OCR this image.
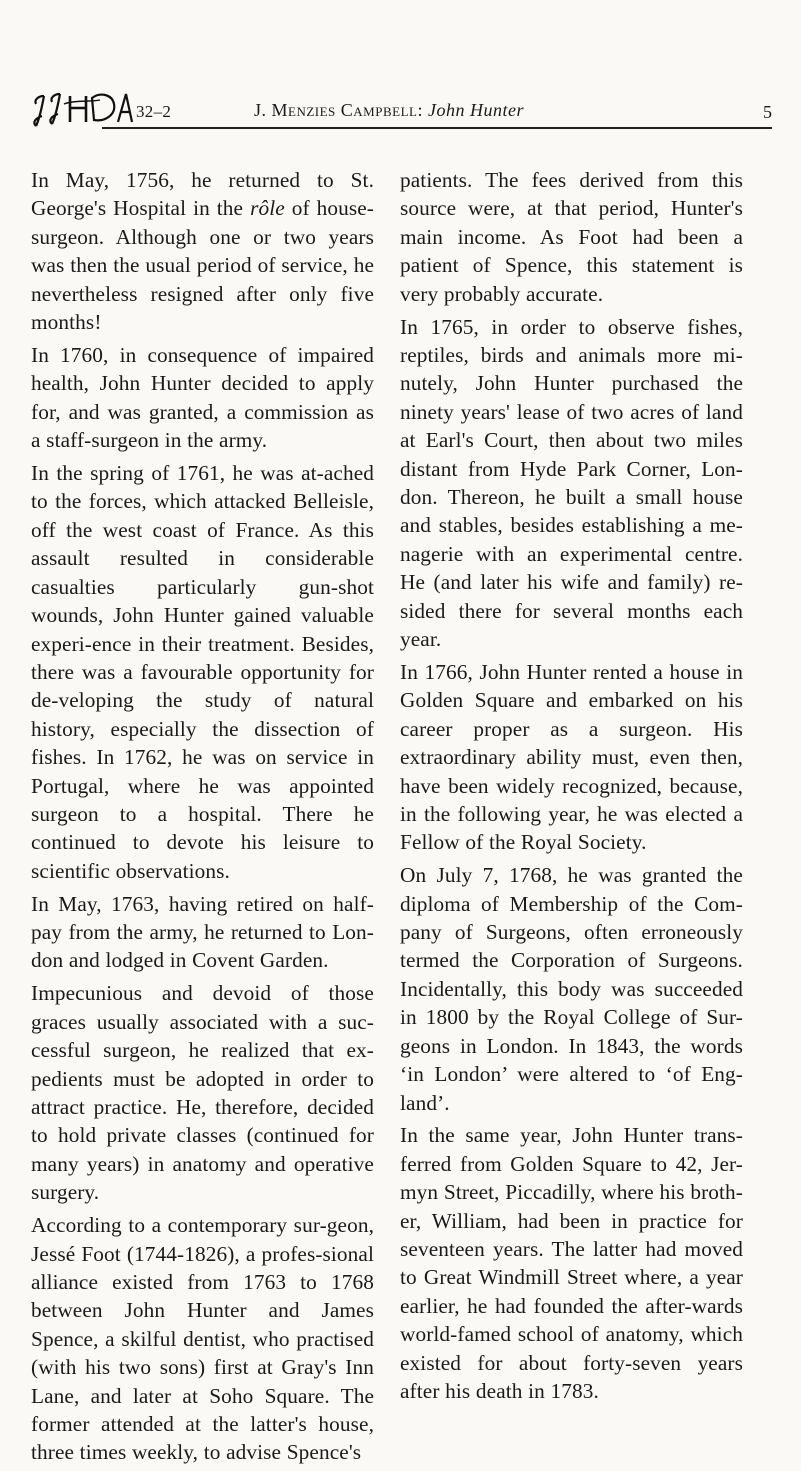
32–2	J. Menzies Campbell: John Hunter	5

In May, 1756, he returned to St. George's Hospital in the rôle of house-surgeon. Although one or two years was then the usual period of service, he nevertheless resigned after only five months!

In 1760, in consequence of impaired health, John Hunter decided to apply for, and was granted, a commission as a staff-surgeon in the army.

In the spring of 1761, he was at-ached to the forces, which attacked Belleisle, off the west coast of France. As this assault resulted in considerable casualties particularly gun-shot wounds, John Hunter gained valuable experi-ence in their treatment. Besides, there was a favourable opportunity for de-veloping the study of natural history, especially the dissection of fishes. In 1762, he was on service in Portugal, where he was appointed surgeon to a hospital. There he continued to devote his leisure to scientific observations.

In May, 1763, having retired on half-pay from the army, he returned to Lon-don and lodged in Covent Garden.

Impecunious and devoid of those graces usually associated with a suc-cessful surgeon, he realized that ex-pedients must be adopted in order to attract practice. He, therefore, decided to hold private classes (continued for many years) in anatomy and operative surgery.

According to a contemporary sur-geon, Jessé Foot (1744-1826), a profes-sional alliance existed from 1763 to 1768 between John Hunter and James Spence, a skilful dentist, who practised (with his two sons) first at Gray's Inn Lane, and later at Soho Square. The former attended at the latter's house, three times weekly, to advise Spence's

patients. The fees derived from this source were, at that period, Hunter's main income. As Foot had been a patient of Spence, this statement is very probably accurate.

In 1765, in order to observe fishes, reptiles, birds and animals more mi-nutely, John Hunter purchased the ninety years' lease of two acres of land at Earl's Court, then about two miles distant from Hyde Park Corner, Lon-don. Thereon, he built a small house and stables, besides establishing a me-nagerie with an experimental centre. He (and later his wife and family) re-sided there for several months each year.

In 1766, John Hunter rented a house in Golden Square and embarked on his career proper as a surgeon. His extraordinary ability must, even then, have been widely recognized, because, in the following year, he was elected a Fellow of the Royal Society.

On July 7, 1768, he was granted the diploma of Membership of the Com-pany of Surgeons, often erroneously termed the Corporation of Surgeons. Incidentally, this body was succeeded in 1800 by the Royal College of Sur-geons in London. In 1843, the words ‘in London’ were altered to ‘of Eng-land’.

In the same year, John Hunter trans-ferred from Golden Square to 42, Jer-myn Street, Piccadilly, where his broth-er, William, had been in practice for seventeen years. The latter had moved to Great Windmill Street where, a year earlier, he had founded the after-wards world-famed school of anatomy, which existed for about forty-seven years after his death in 1783.
